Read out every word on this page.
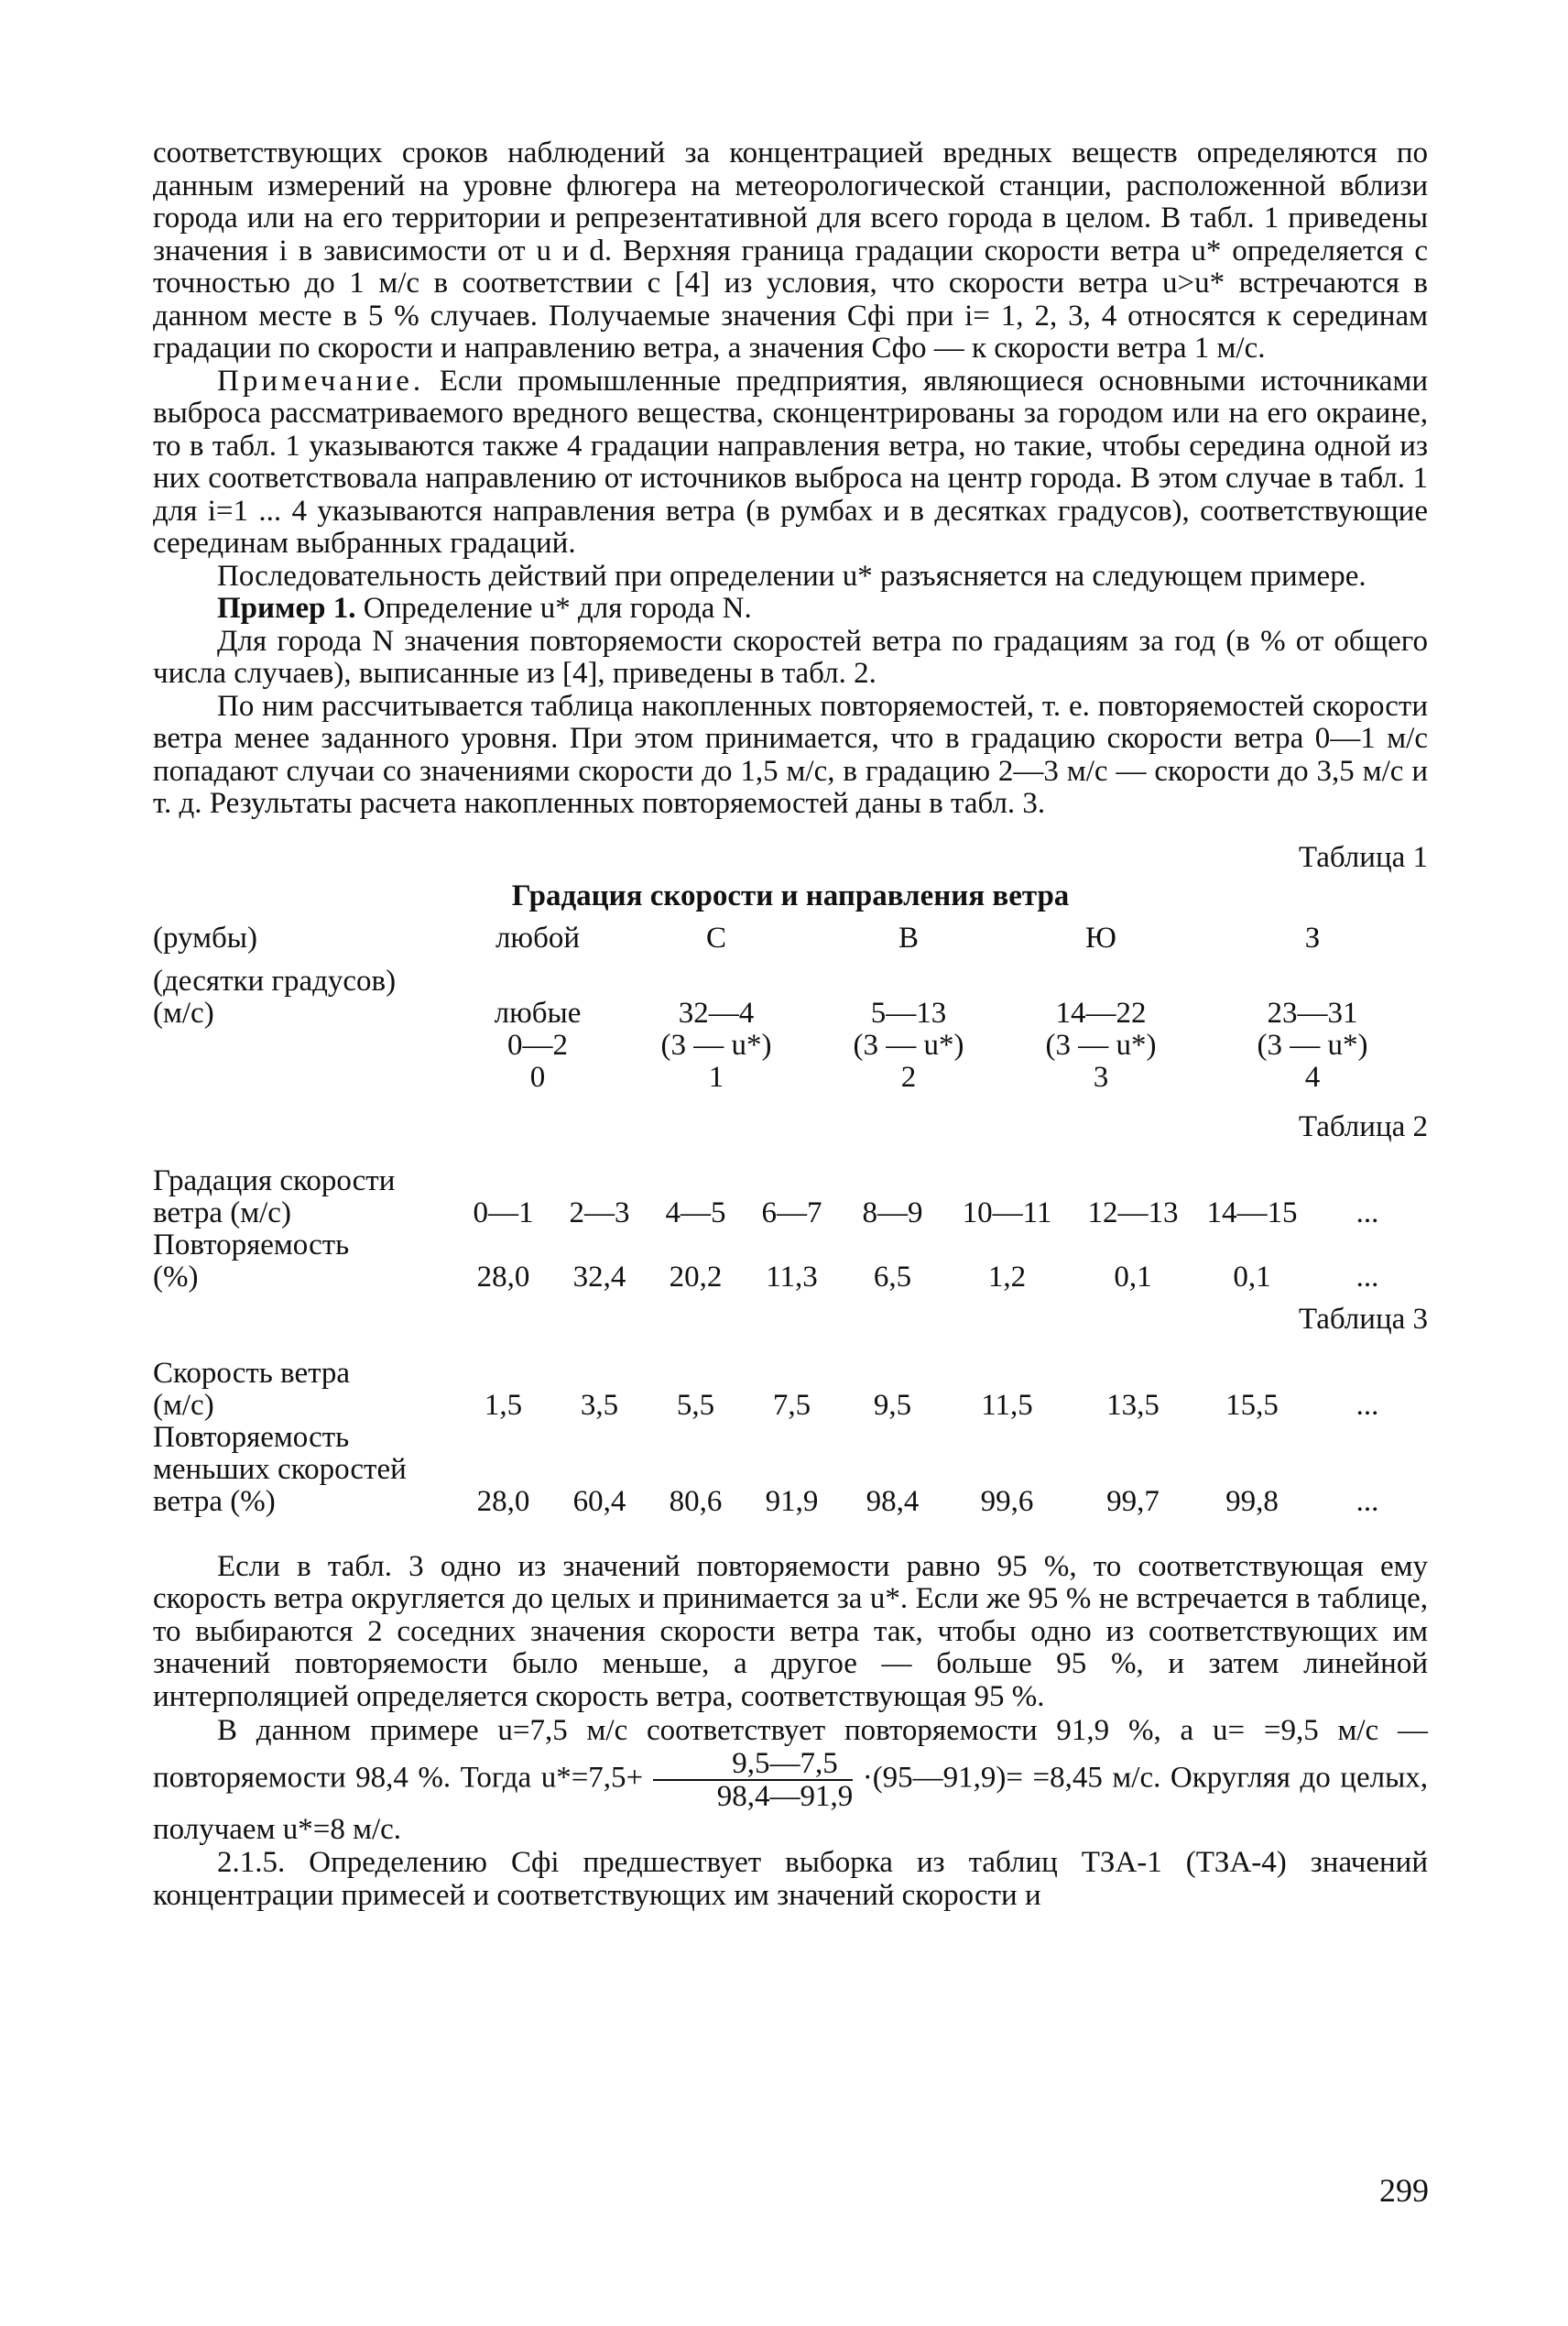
соответствующих сроков наблюдений за концентрацией вредных веществ определяются по данным измерений на уровне флюгера на метеорологической станции, расположенной вблизи города или на его территории и репрезентативной для всего города в целом. В табл. 1 приведены значения i в зависимости от u и d. Верхняя граница градации скорости ветра u* определяется с точностью до 1 м/с в соответствии с [4] из условия, что скорости ветра u>u* встречаются в данном месте в 5 % случаев. Получаемые значения Cфi при i= 1, 2, 3, 4 относятся к серединам градации по скорости и направлению ветра, а значения Cфо — к скорости ветра 1 м/с.

Примечание. Если промышленные предприятия, являющиеся основными источниками выброса рассматриваемого вредного вещества, сконцентрированы за городом или на его окраине, то в табл. 1 указываются также 4 градации направления ветра, но такие, чтобы середина одной из них соответствовала направлению от источников выброса на центр города. В этом случае в табл. 1 для i=1 ... 4 указываются направления ветра (в румбах и в десятках градусов), соответствующие серединам выбранных градаций.

Последовательность действий при определении u* разъясняется на следующем примере.

Пример 1. Определение u* для города N.

Для города N значения повторяемости скоростей ветра по градациям за год (в % от общего числа случаев), выписанные из [4], приведены в табл. 2.

По ним рассчитывается таблица накопленных повторяемостей, т. е. повторяемостей скорости ветра менее заданного уровня. При этом принимается, что в градацию скорости ветра 0—1 м/с попадают случаи со значениями скорости до 1,5 м/с, в градацию 2—3 м/с — скорости до 3,5 м/с и т. д. Результаты расчета накопленных повторяемостей даны в табл. 3.

Таблица 1

Градация скорости и направления ветра
(румбы)	любой	С	В	Ю	З

(десятки градусов)	любые	32—4	5—13	14—22	23—31
	0—2	(3 — u*)	(3 — u*)	(3 — u*)	(3 — u*)
(м/с)	0	1	2	3	4

Таблица 2

Градация скорости ветра (м/с)	0—1	2—3	4—5	6—7	8—9	10—11	12—13	14—15	...
Повторяемость (%)	28,0	32,4	20,2	11,3	6,5	1,2	0,1	0,1	...

Таблица 3

Скорость ветра (м/с)	1,5	3,5	5,5	7,5	9,5	11,5	13,5	15,5	...
Повторяемость меньших скоростей ветра (%)	28,0	60,4	80,6	91,9	98,4	99,6	99,7	99,8	...

Если в табл. 3 одно из значений повторяемости равно 95 %, то соответствующая ему скорость ветра округляется до целых и принимается за u*. Если же 95 % не встречается в таблице, то выбираются 2 соседних значения скорости ветра так, чтобы одно из соответствующих им значений повторяемости было меньше, а другое — больше 95 %, и затем линейной интерполяцией определяется скорость ветра, соответствующая 95 %.

В данном примере u=7,5 м/с соответствует повторяемости 91,9 %, а u= =9,5 м/с — повторяемости 98,4 %. Тогда $u*=7,5+ \frac{9,5—7,5}{98,4—91,9}$ ·(95—91,9)= =8,45 м/с. Округляя до целых, получаем u*=8 м/с.

2.1.5. Определению Cфi предшествует выборка из таблиц ТЗА-1 (ТЗА-4) значений концентрации примесей и соответствующих им значений скорости и

299
